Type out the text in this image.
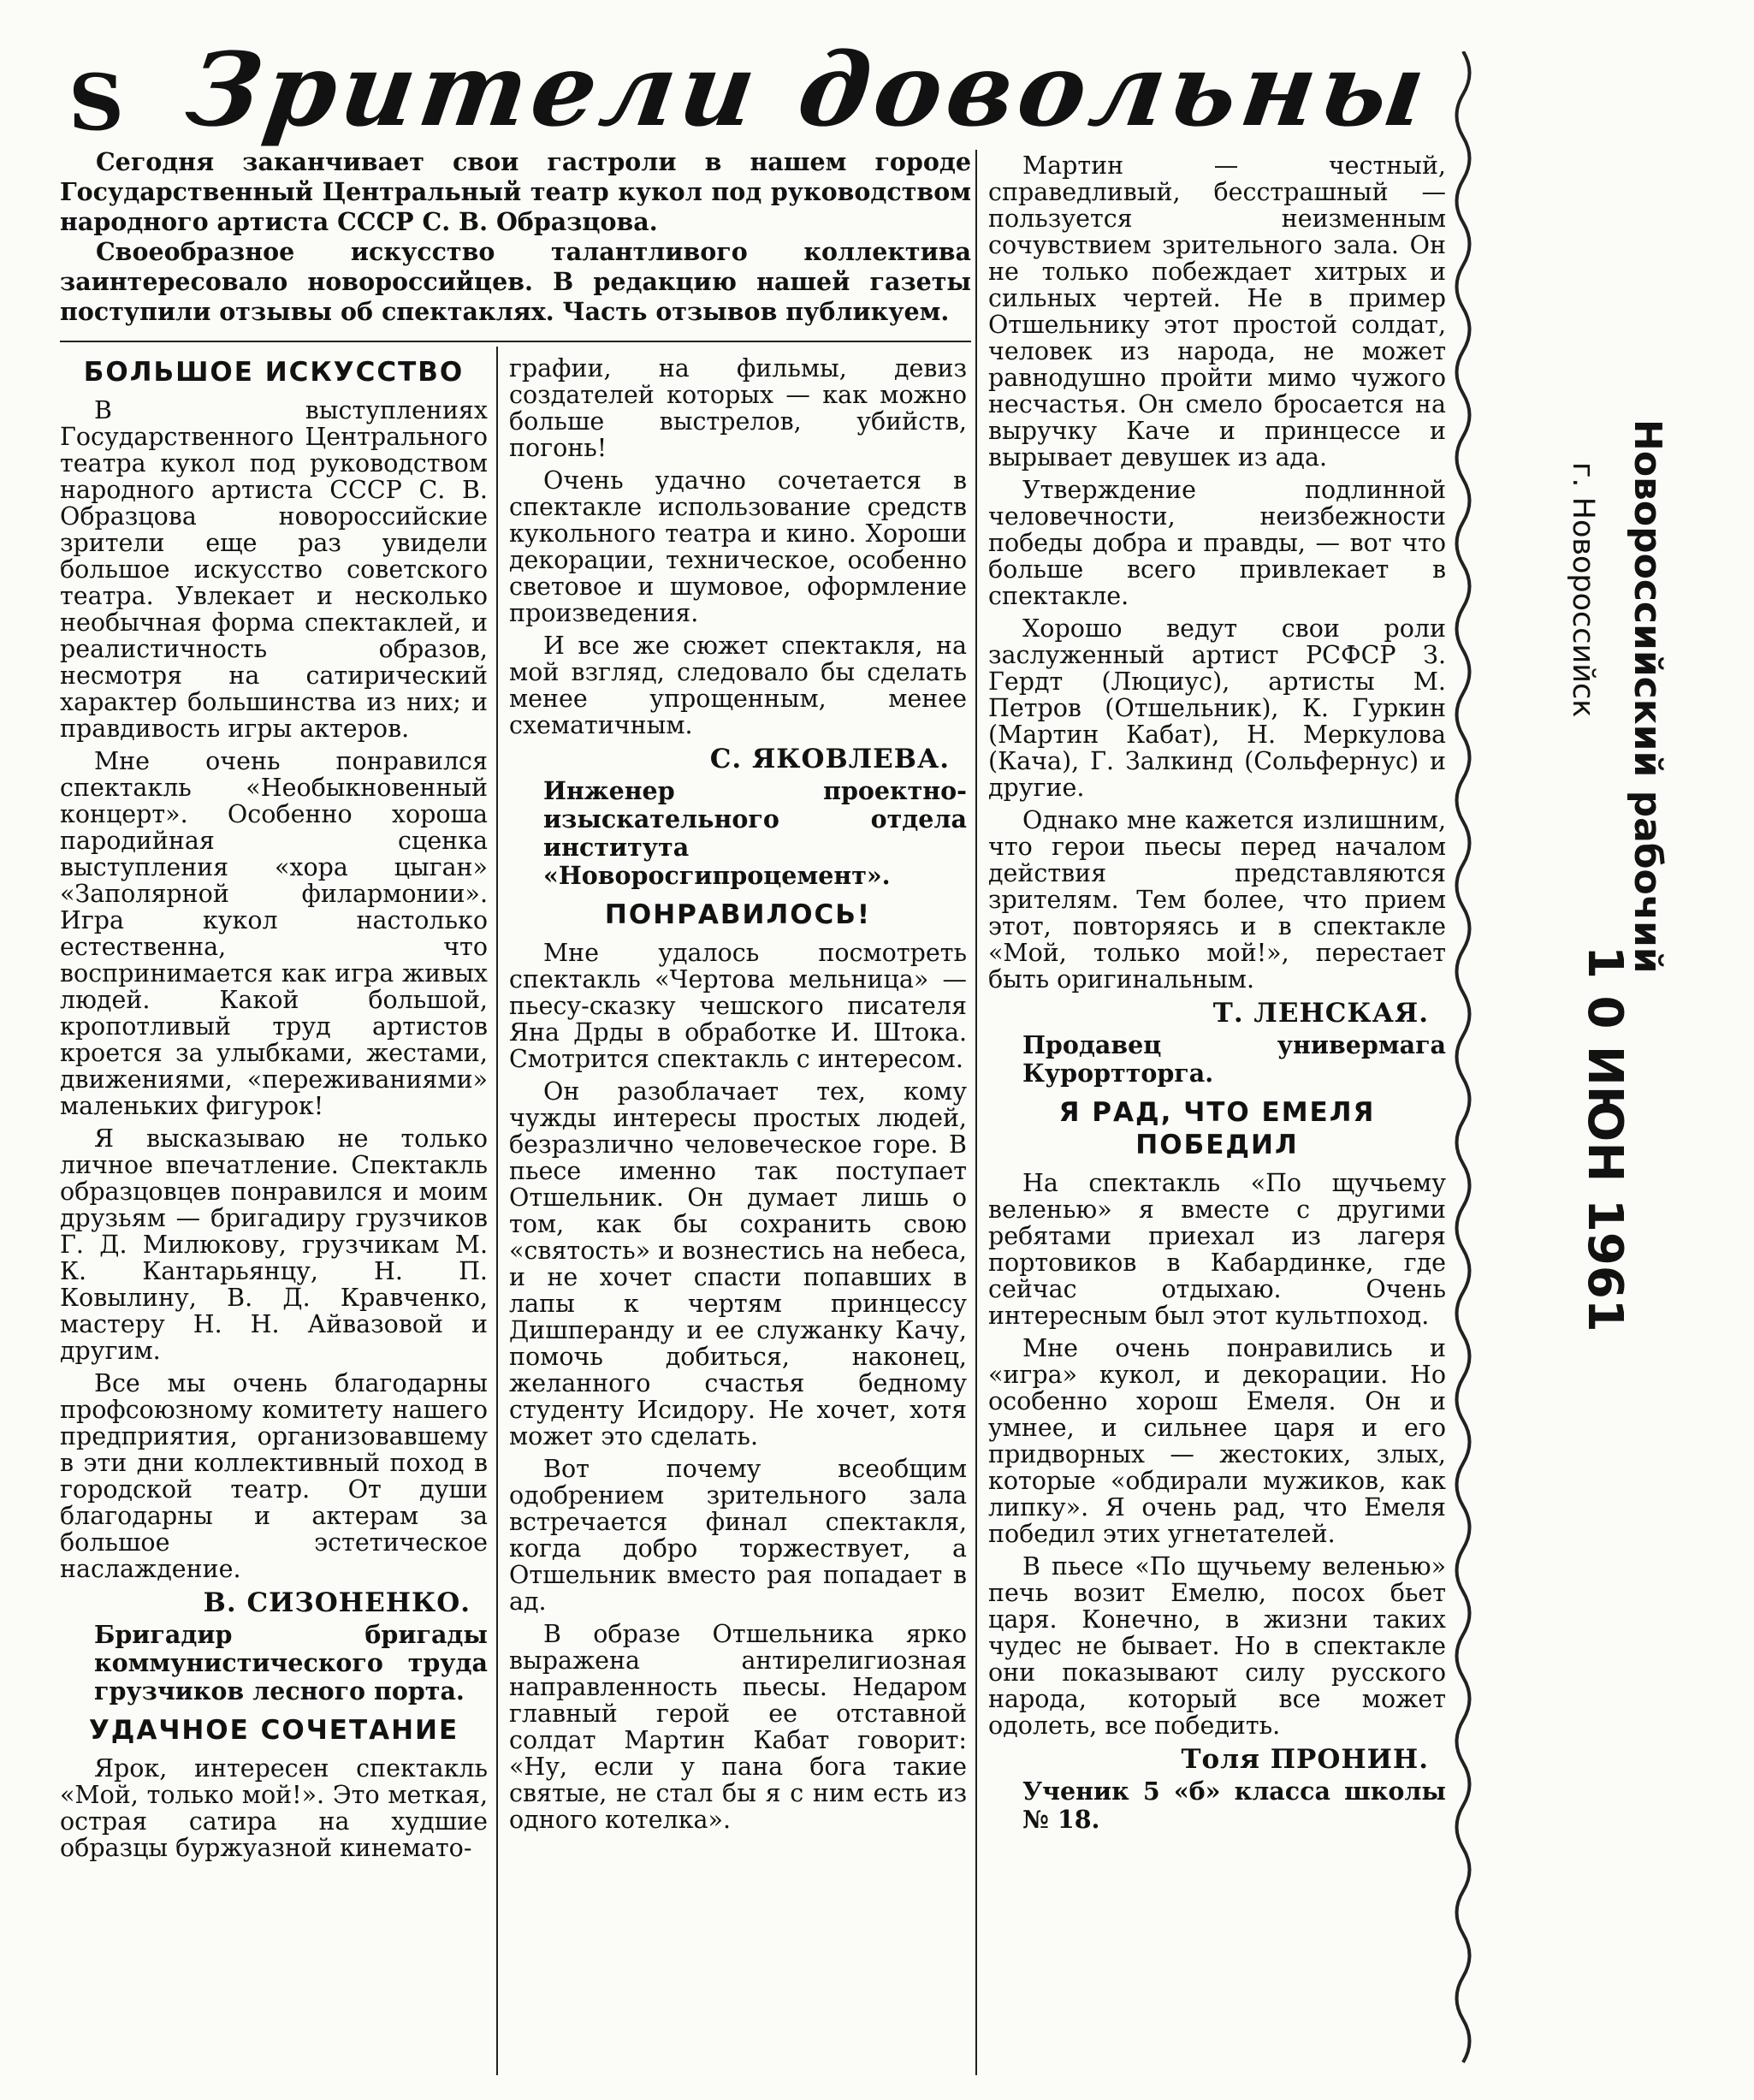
S Зрители довольны

Сегодня заканчивает свои гастроли в нашем городе Государственный Центральный театр кукол под руководством народного артиста СССР С. В. Образцова.

Своеобразное искусство талантливого коллектива заинтересовало новороссийцев. В редакцию нашей газеты поступили отзывы об спектаклях. Часть отзывов публикуем.

БОЛЬШОЕ ИСКУССТВО

В выступлениях Государственного Центрального театра кукол под руководством народного артиста СССР С. В. Образцова новороссийские зрители еще раз увидели большое искусство советского театра. Увлекает и несколько необычная форма спектаклей, и реалистичность образов, несмотря на сатирический характер большинства из них; и правдивость игры актеров.

Мне очень понравился спектакль «Необыкновенный концерт». Особенно хороша пародийная сценка выступления «хора цыган» «Заполярной филармонии». Игра кукол настолько естественна, что воспринимается как игра живых людей. Какой большой, кропотливый труд артистов кроется за улыбками, жестами, движениями, «переживаниями» маленьких фигурок!

Я высказываю не только личное впечатление. Спектакль образцовцев понравился и моим друзьям — бригадиру грузчиков Г. Д. Милюкову, грузчикам М. К. Кантарьянцу, Н. П. Ковылину, В. Д. Кравченко, мастеру Н. Н. Айвазовой и другим.

Все мы очень благодарны профсоюзному комитету нашего предприятия, организовавшему в эти дни коллективный поход в городской театр. От души благодарны и актерам за большое эстетическое наслаждение.

В. СИЗОНЕНКО.
Бригадир бригады коммунистического труда грузчиков лесного порта.
УДАЧНОЕ СОЧЕТАНИЕ

Ярок, интересен спектакль «Мой, только мой!». Это меткая, острая сатира на худшие образцы буржуазной кинемато-

графии, на фильмы, девиз создателей которых — как можно больше выстрелов, убийств, погонь!

Очень удачно сочетается в спектакле использование средств кукольного театра и кино. Хороши декорации, техническое, особенно световое и шумовое, оформление произведения.

И все же сюжет спектакля, на мой взгляд, следовало бы сделать менее упрощенным, менее схематичным.

С. ЯКОВЛЕВА.
Инженер проектно-изыскательного отдела института «Новоросгипроцемент».
ПОНРАВИЛОСЬ!

Мне удалось посмотреть спектакль «Чертова мельница» — пьесу-сказку чешского писателя Яна Дрды в обработке И. Штока. Смотрится спектакль с интересом.

Он разоблачает тех, кому чужды интересы простых людей, безразлично человеческое горе. В пьесе именно так поступает Отшельник. Он думает лишь о том, как бы сохранить свою «святость» и вознестись на небеса, и не хочет спасти попавших в лапы к чертям принцессу Дишперанду и ее служанку Качу, помочь добиться, наконец, желанного счастья бедному студенту Исидору. Не хочет, хотя может это сделать.

Вот почему всеобщим одобрением зрительного зала встречается финал спектакля, когда добро торжествует, а Отшельник вместо рая попадает в ад.

В образе Отшельника ярко выражена антирелигиозная направленность пьесы. Недаром главный герой ее отставной солдат Мартин Кабат говорит: «Ну, если у пана бога такие святые, не стал бы я с ним есть из одного котелка».

Мартин — честный, справедливый, бесстрашный — пользуется неизменным сочувствием зрительного зала. Он не только побеждает хитрых и сильных чертей. Не в пример Отшельнику этот простой солдат, человек из народа, не может равнодушно пройти мимо чужого несчастья. Он смело бросается на выручку Каче и принцессе и вырывает девушек из ада.

Утверждение подлинной человечности, неизбежности победы добра и правды, — вот что больше всего привлекает в спектакле.

Хорошо ведут свои роли заслуженный артист РСФСР З. Гердт (Люциус), артисты М. Петров (Отшельник), К. Гуркин (Мартин Кабат), Н. Меркулова (Кача), Г. Залкинд (Сольфернус) и другие.

Однако мне кажется излишним, что герои пьесы перед началом действия представляются зрителям. Тем более, что прием этот, повторяясь и в спектакле «Мой, только мой!», перестает быть оригинальным.

Т. ЛЕНСКАЯ.
Продавец универмага Курортторга.
Я РАД, ЧТО ЕМЕЛЯ ПОБЕДИЛ

На спектакль «По щучьему веленью» я вместе с другими ребятами приехал из лагеря портовиков в Кабардинке, где сейчас отдыхаю. Очень интересным был этот культпоход.

Мне очень понравились и «игра» кукол, и декорации. Но особенно хорош Емеля. Он и умнее, и сильнее царя и его придворных — жестоких, злых, которые «обдирали мужиков, как липку». Я очень рад, что Емеля победил этих угнетателей.

В пьесе «По щучьему веленью» печь возит Емелю, посох бьет царя. Конечно, в жизни таких чудес не бывает. Но в спектакле они показывают силу русского народа, который все может одолеть, все победить.

Толя ПРОНИН.
Ученик 5 «б» класса школы № 18.
Новороссийский рабочий
г. Новороссийск
1 0 ИЮН 1961
